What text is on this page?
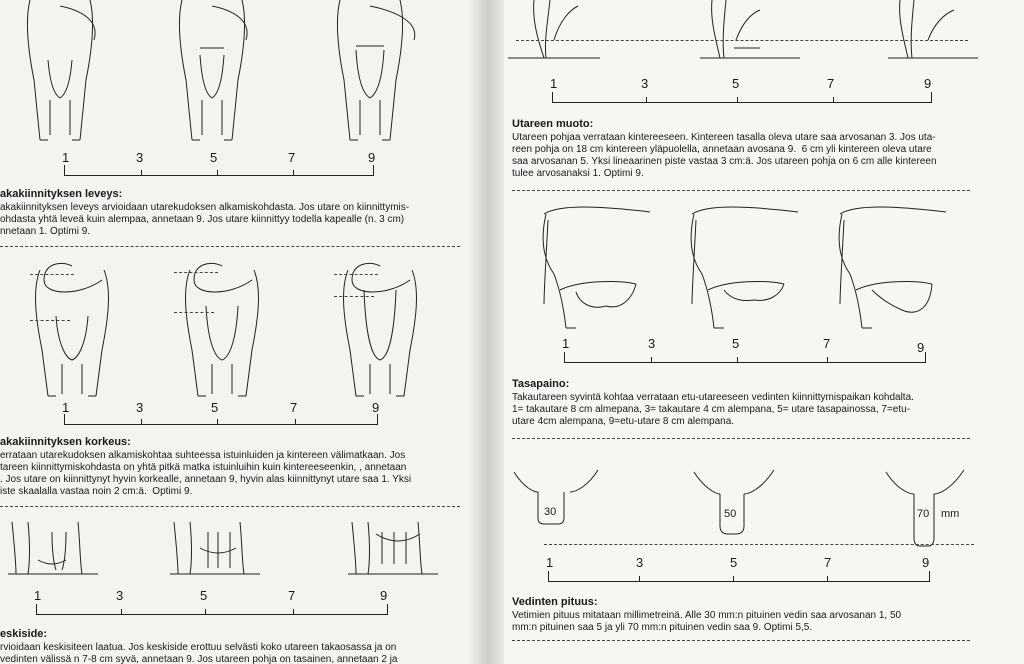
1	3	5	7	9
akakiinnityksen leveys:
akakiinnityksen leveys arvioidaan utarekudoksen alkamiskohdasta. Jos utare on kiinnittymis-
ohdasta yhtä leveä kuin alempaa, annetaan 9. Jos utare kiinnittyy todella kapealle (n. 3 cm)
nnetaan 1. Optimi 9.
1	3	5	7	9
akakiinnityksen korkeus:
errataan utarekudoksen alkamiskohtaa suhteessa istuinluiden ja kintereen välimatkaan. Jos
tareen kiinnittymiskohdasta on yhtä pitkä matka istuinluihin kuin kintereeseenkin, , annetaan
. Jos utare on kiinnittynyt hyvin korkealle, annetaan 9, hyvin alas kiinnittynyt utare saa 1. Yksi
iste skaalalla vastaa noin 2 cm:ä.  Optimi 9.
1	3	5	7	9
eskiside:
rvioidaan keskisiteen laatua. Jos keskiside erottuu selvästi koko utareen takaosassa ja on
vedinten välissä n 7-8 cm syvä, annetaan 9. Jos utareen pohja on tasainen, annetaan 2 ja
1	3	5	7	9
Utareen muoto:
Utareen pohjaa verrataan kintereeseen. Kintereen tasalla oleva utare saa arvosanan 3. Jos uta-
reen pohja on 18 cm kintereen yläpuolella, annetaan avosana 9.  6 cm yli kintereen oleva utare
saa arvosanan 5. Yksi lineaarinen piste vastaa 3 cm:ä. Jos utareen pohja on 6 cm alle kintereen
tulee arvosanaksi 1. Optimi 9.
1	3	5	7	9
Tasapaino:
Takautareen syvintä kohtaa verrataan etu-utareeseen vedinten kiinnittymispaikan kohdalta.
1= takautare 8 cm almepana, 3= takautare 4 cm alempana, 5= utare tasapainossa, 7=etu-
utare 4cm alempana, 9=etu-utare 8 cm alempana.
30	50	70 mm
1	3	5	7	9
Vedinten pituus:
Vetimien pituus mitataan millimetreinä. Alle 30 mm:n pituinen vedin saa arvosanan 1, 50
mm:n pituinen saa 5 ja yli 70 mm:n pituinen vedin saa 9. Optimi 5,5.
